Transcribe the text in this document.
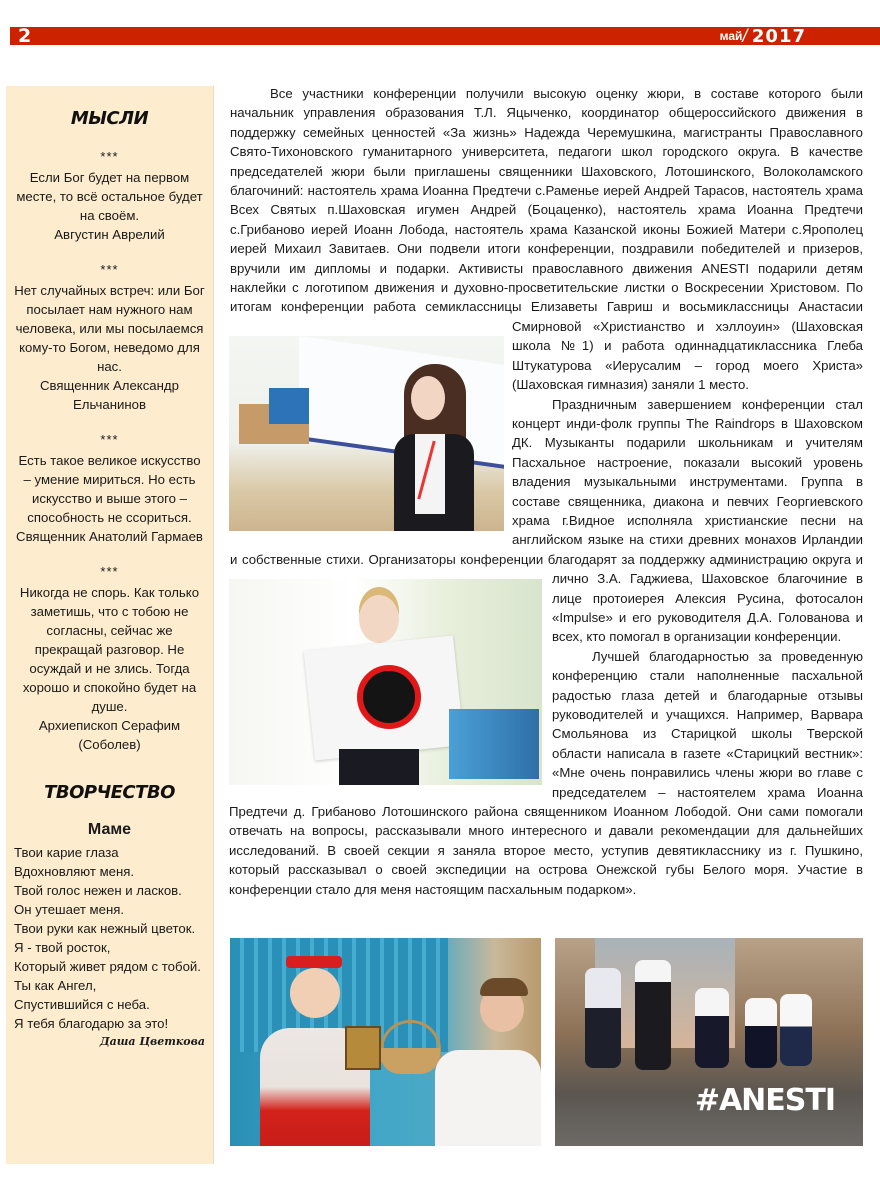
2	май/ 2017
МЫСЛИ
***
Если Бог будет на первом месте, то всё остальное будет на своём.
Августин Аврелий
***
Нет случайных встреч: или Бог посылает нам нужного нам человека, или мы посылаемся кому-то Богом, неведомо для нас.
Священник Александр Ельчанинов
***
Есть такое великое искусство – умение мириться. Но есть искусство и выше этого – способность не ссориться.
Священник Анатолий Гармаев
***
Никогда не спорь. Как только заметишь, что с тобою не согласны, сейчас же прекращай разговор. Не осуждай и не злись. Тогда хорошо и спокойно будет на душе.
Архиепископ Серафим (Соболев)
ТВОРЧЕСТВО
Маме
Твои карие глаза
Вдохновляют меня.
Твой голос нежен и ласков.
Он утешает меня.
Твои руки как нежный цветок.
Я - твой росток,
Который живет рядом с тобой.
Ты как Ангел,
Спустившийся с неба.
Я тебя благодарю за это!
Даша Цветкова

Все участники конференции получили высокую оценку жюри, в составе которого были начальник управления образования Т.Л. Яцыченко, координатор общероссийского движения в поддержку семейных ценностей «За жизнь» Надежда Черемушкина, магистранты Православного Свято-Тихоновского гуманитарного университета, педагоги школ городского округа. В качестве председателей жюри были приглашены священники Шаховского, Лотошинского, Волоколамского благочиний: настоятель храма Иоанна Предтечи с.Раменье иерей Андрей Тарасов, настоятель храма Всех Святых п.Шаховская игумен Андрей (Боцаценко), настоятель храма Иоанна Предтечи с.Грибаново иерей Иоанн Лобода, настоятель храма Казанской иконы Божией Матери с.Ярополец иерей Михаил Завитаев. Они подвели итоги конференции, поздравили победителей и призеров, вручили им дипломы и подарки. Активисты православного движения ANESTI подарили детям наклейки с логотипом движения и духовно-просветительские листки о Воскресении Христовом. По итогам конференции работа семиклассницы Елизаветы Гавриш и восьмиклассницы Анастасии Смирновой «Христианство и хэллоуин» (Шаховская школа №1) и работа одиннадцатиклассника Глеба Штукатурова «Иерусалим – город моего Христа» (Шаховская гимназия) заняли 1 место.

Праздничным завершением конференции стал концерт инди-фолк группы The Raindrops в Шаховском ДК. Музыканты подарили школьникам и учителям Пасхальное настроение, показали высокий уровень владения музыкальными инструментами. Группа в составе священника, диакона и певчих Георгиевского храма г.Видное исполняла христианские песни на английском языке на стихи древних монахов Ирландии и собственные стихи. Организаторы конференции благодарят за поддержку администрацию округа и лично З.А. Гаджиева, Шаховское благочиние в лице протоиерея Алексия Русина, фотосалон «Impulse» и его руководителя Д.А. Голованова и всех, кто помогал в организации конференции.

Лучшей благодарностью за проведенную конференцию стали наполненные пасхальной радостью глаза детей и благодарные отзывы руководителей и учащихся. Например, Варвара Смольянова из Старицкой школы Тверской области написала в газете «Старицкий вестник»: «Мне очень понравились члены жюри во главе с председателем – настоятелем храма Иоанна Предтечи д. Грибаново Лотошинского района священником Иоанном Лободой. Они сами помогали отвечать на вопросы, рассказывали много интересного и давали рекомендации для дальнейших исследований. В своей секции я заняла второе место, уступив девятикласснику из г. Пушкино, который рассказывал о своей экспедиции на острова Онежской губы Белого моря. Участие в конференции стало для меня настоящим пасхальным подарком».

#ANESTI
